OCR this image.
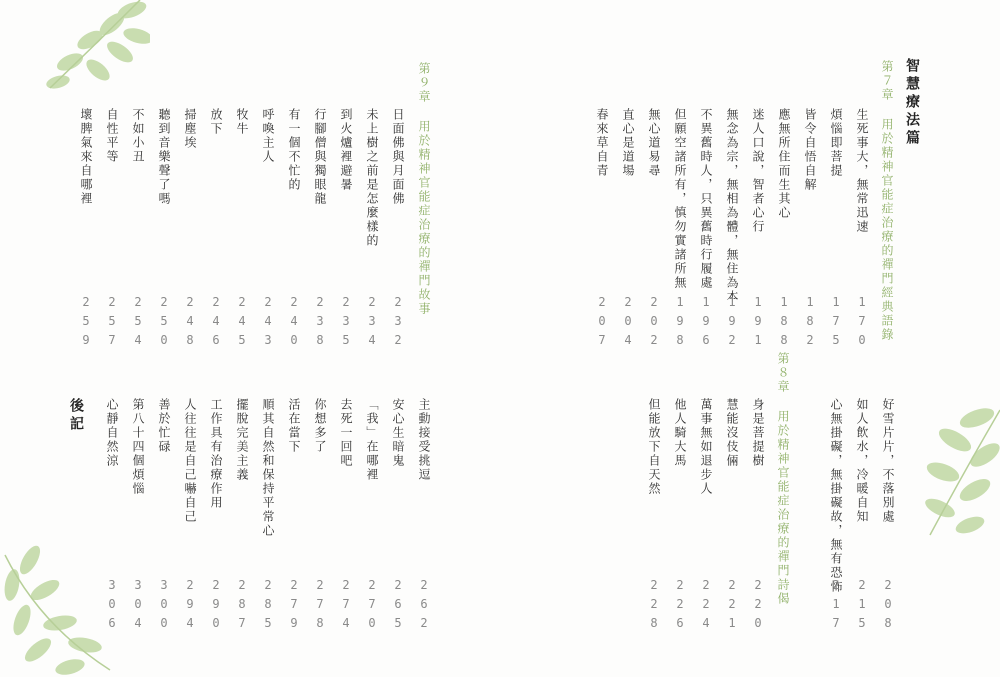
智慧療法篇
第７章 用於精神官能症治療的禪門經典語錄
生死事大，無常迅速
170
煩惱即菩提
175
皆令自悟自解
182
應無所住而生其心
188
迷人口說，智者心行
191
無念為宗，無相為體，無住為本
192
不異舊時人，只異舊時行履處
196
但願空諸所有，慎勿實諸所無
198
無心道易尋
202
直心是道場
204
春來草自青
207
好雪片片，不落別處
208
如人飲水，冷暖自知
215
心無掛礙，無掛礙故，無有恐怖
217
第８章 用於精神官能症治療的禪門詩偈
身是菩提樹
220
慧能沒伎倆
221
萬事無如退步人
224
他人騎大馬
226
但能放下自天然
228
第９章 用於精神官能症治療的禪門故事
日面佛與月面佛
232
未上樹之前是怎麼樣的
234
到火爐裡避暑
235
行腳僧與獨眼龍
238
有一個不忙的
240
呼喚主人
243
牧牛
245
放下
246
掃塵埃
248
聽到音樂聲了嗎
250
不如小丑
254
自性平等
257
壞脾氣來自哪裡
259
主動接受挑逗
262
安心生暗鬼
265
「我」在哪裡
270
去死一回吧
274
你想多了
278
活在當下
279
順其自然和保持平常心
285
擺脫完美主義
287
工作具有治療作用
290
人往往是自己嚇自己
294
善於忙碌
300
第八十四個煩惱
304
心靜自然涼
306
後記
